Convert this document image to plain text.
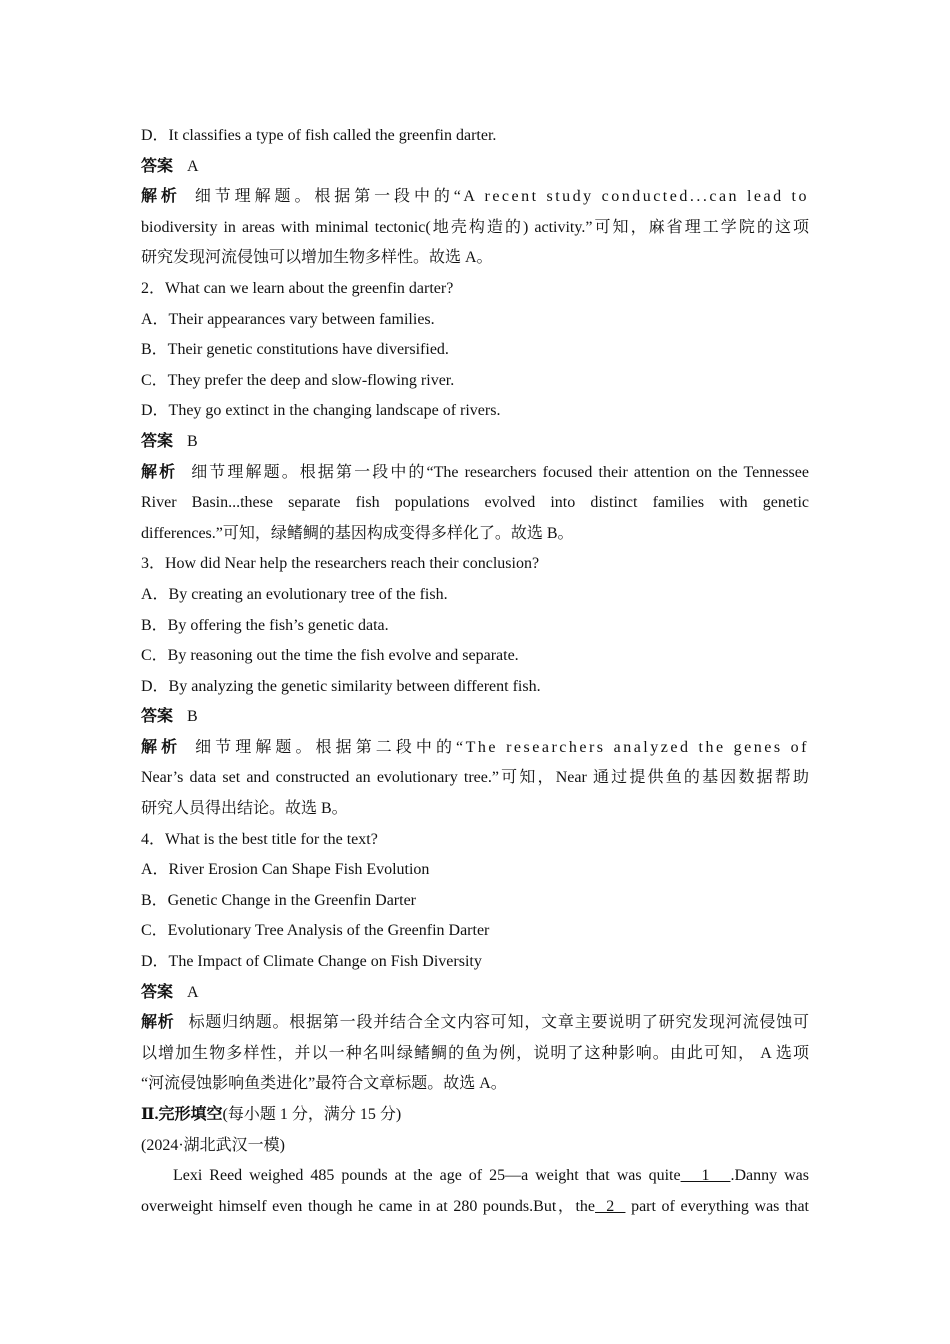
D．It classifies a type of fish called the greenfin darter.
答案 A
解析 细节理解题。根据第一段中的“A recent study conducted...can lead to
biodiversity in areas with minimal tectonic(地壳构造的) activity.”可知，麻省理工学院的这项
研究发现河流侵蚀可以增加生物多样性。故选 A。
2．What can we learn about the greenfin darter?
A．Their appearances vary between families.
B．Their genetic constitutions have diversified.
C．They prefer the deep and slow-flowing river.
D．They go extinct in the changing landscape of rivers.
答案 B
解析 细节理解题。根据第一段中的“The researchers focused their attention on the Tennessee
River Basin...these separate fish populations evolved into distinct families with genetic
differences.”可知，绿鳍鲷的基因构成变得多样化了。故选 B。
3．How did Near help the researchers reach their conclusion?
A．By creating an evolutionary tree of the fish.
B．By offering the fish’s genetic data.
C．By reasoning out the time the fish evolve and separate.
D．By analyzing the genetic similarity between different fish.
答案 B
解析 细节理解题。根据第二段中的“The researchers analyzed the genes of
Near’s data set and constructed an evolutionary tree.”可知，Near 通过提供鱼的基因数据帮助
研究人员得出结论。故选 B。
4．What is the best title for the text?
A．River Erosion Can Shape Fish Evolution
B．Genetic Change in the Greenfin Darter
C．Evolutionary Tree Analysis of the Greenfin Darter
D．The Impact of Climate Change on Fish Diversity
答案 A
解析 标题归纳题。根据第一段并结合全文内容可知，文章主要说明了研究发现河流侵蚀可
以增加生物多样性，并以一种名叫绿鳍鲷的鱼为例，说明了这种影响。由此可知， A 选项
“河流侵蚀影响鱼类进化”最符合文章标题。故选 A。
Ⅱ.完形填空(每小题 1 分，满分 15 分)
(2024·湖北武汉一模)
Lexi Reed weighed 485 pounds at the age of 25—a weight that was quite   1   .Danny was
overweight himself even though he came in at 280 pounds.But，the  2   part of everything was that
